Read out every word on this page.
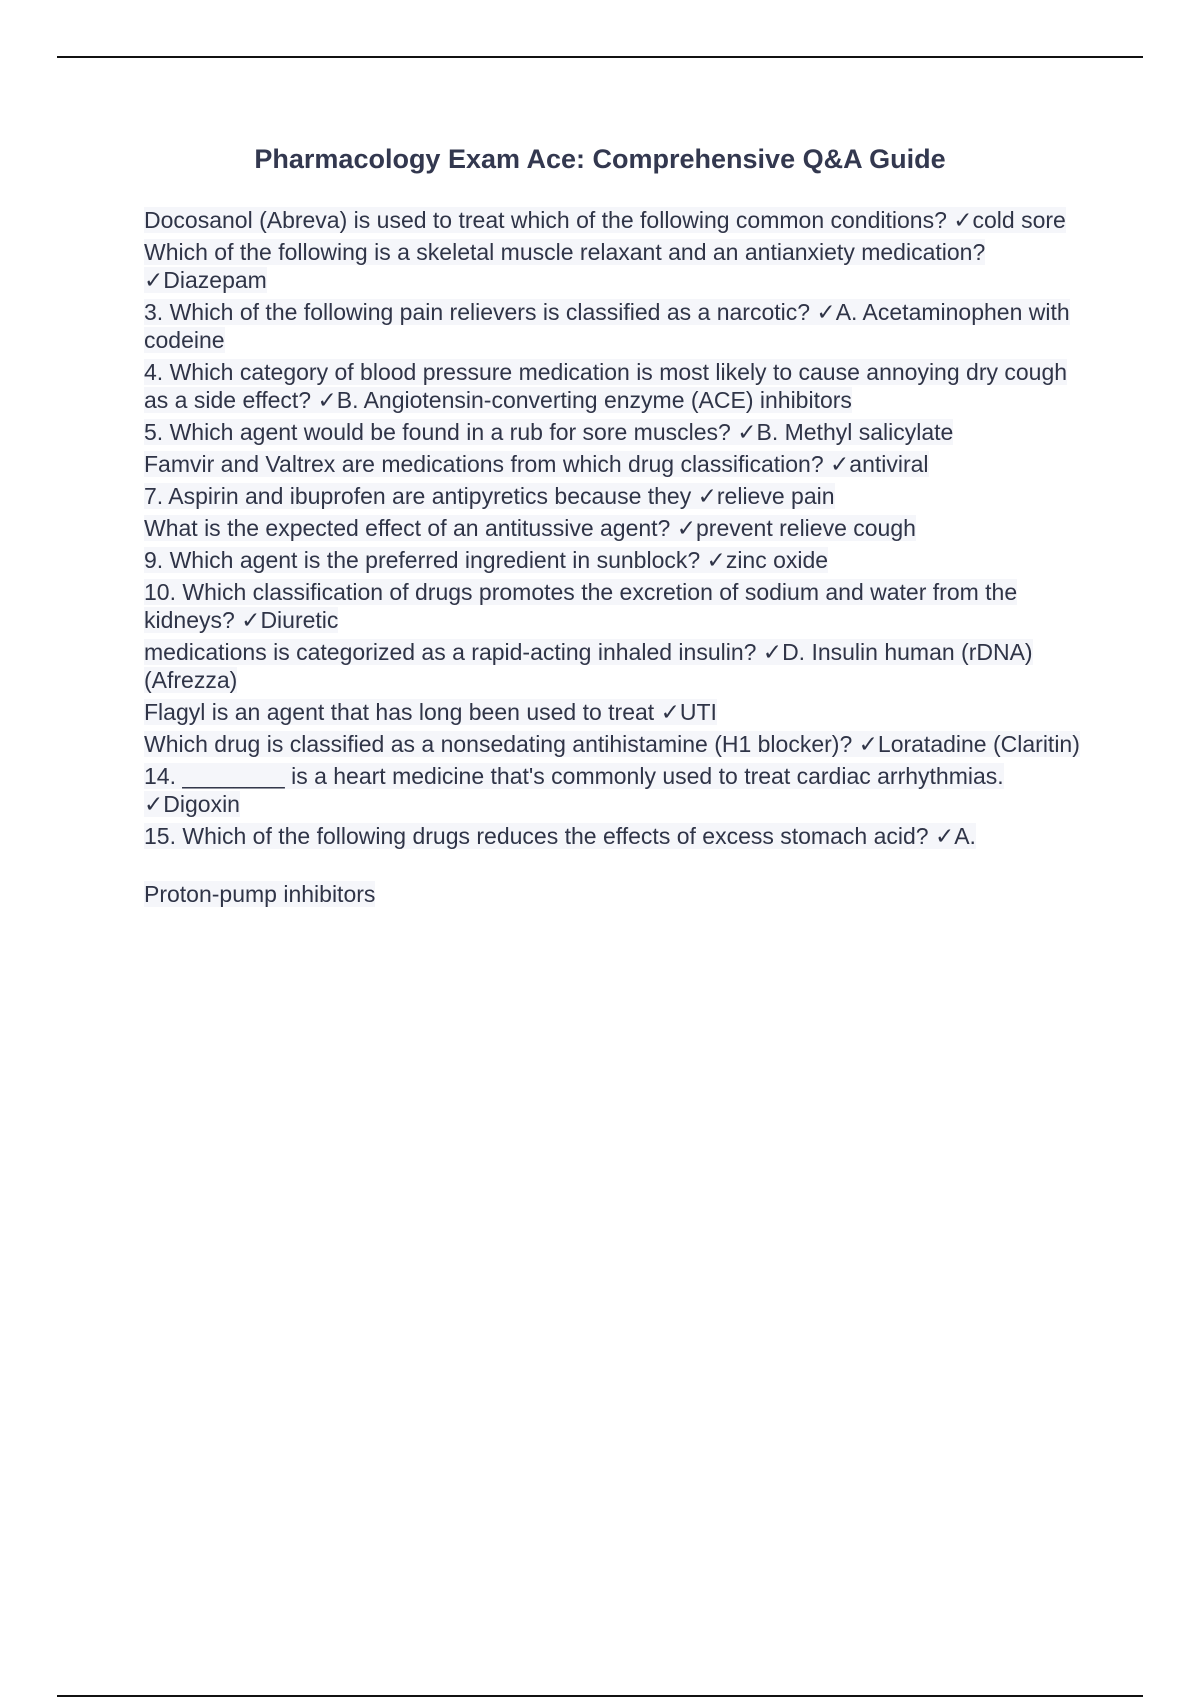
Pharmacology Exam Ace: Comprehensive Q&A Guide

Docosanol (Abreva) is used to treat which of the following common conditions? ✓cold sore

Which of the following is a skeletal muscle relaxant and an antianxiety medication? ✓Diazepam

3. Which of the following pain relievers is classified as a narcotic? ✓A. Acetaminophen with codeine

4. Which category of blood pressure medication is most likely to cause annoying dry cough as a side effect? ✓B. Angiotensin-converting enzyme (ACE) inhibitors

5. Which agent would be found in a rub for sore muscles? ✓B. Methyl salicylate

Famvir and Valtrex are medications from which drug classification? ✓antiviral

7. Aspirin and ibuprofen are antipyretics because they ✓relieve pain

What is the expected effect of an antitussive agent? ✓prevent relieve cough

9. Which agent is the preferred ingredient in sunblock? ✓zinc oxide

10. Which classification of drugs promotes the excretion of sodium and water from the kidneys? ✓Diuretic

medications is categorized as a rapid-acting inhaled insulin? ✓D. Insulin human (rDNA) (Afrezza)

Flagyl is an agent that has long been used to treat ✓UTI

Which drug is classified as a nonsedating antihistamine (H1 blocker)? ✓Loratadine (Claritin)

14. ________ is a heart medicine that's commonly used to treat cardiac arrhythmias. ✓Digoxin

15. Which of the following drugs reduces the effects of excess stomach acid? ✓A.

Proton-pump inhibitors
